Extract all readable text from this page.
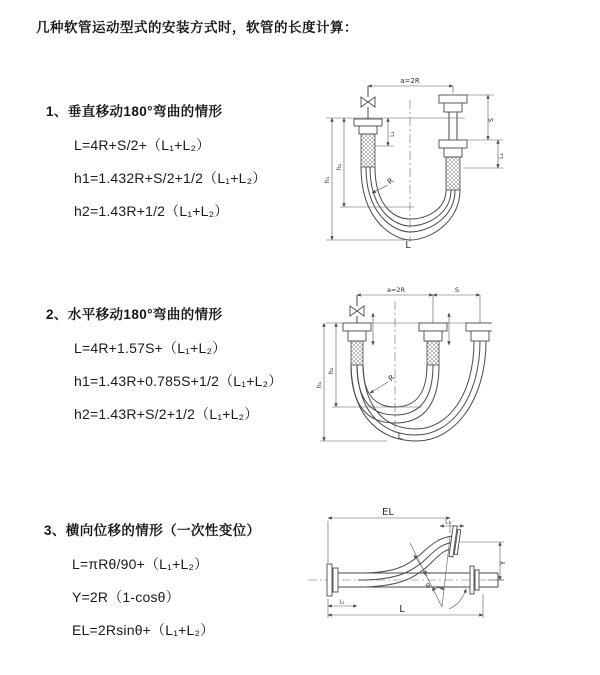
几种软管运动型式的安装方式时，软管的长度计算：
1、垂直移动180°弯曲的情形
L=4R+S/2+（L₁+L₂）
h1=1.432R+S/2+1/2（L₁+L₂）
h2=1.43R+1/2（L₁+L₂）
2、水平移动180°弯曲的情形
L=4R+1.57S+（L₁+L₂）
h1=1.43R+0.785S+1/2（L₁+L₂）
h2=1.43R+S/2+1/2（L₁+L₂）
3、横向位移的情形（一次性变位）
L=πRθ/90+（L₁+L₂）
Y=2R（1-cosθ）
EL=2Rsinθ+（L₁+L₂）
a=2R
L₁
S
L₁
h₁
h₂
R
L
a=2R	S
h₁
h₂
R
L
EL
L₁
Y
θ
R
L₁
L
